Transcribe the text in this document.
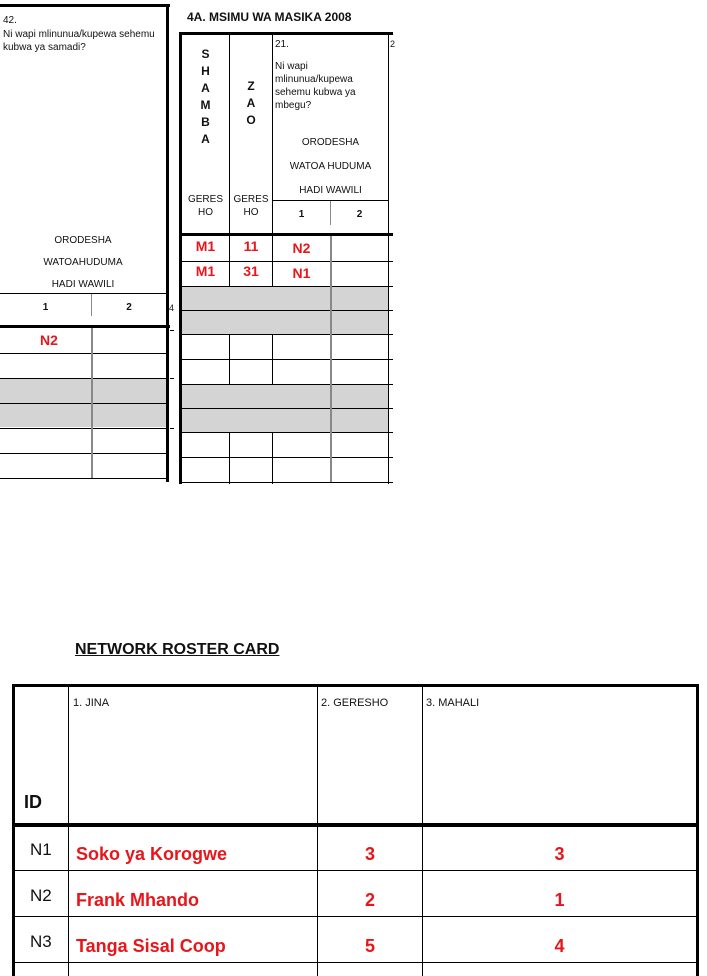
42.
Ni wapi mlinunua/kupewa sehemu kubwa ya samadi?
ORODESHA
WATOAHUDUMA
HADI WAWILI
1	2	4
N2
4A. MSIMU WA MASIKA 2008
S
H
A
M
B
A
Z
A
O
GERES
HO
GERES
HO
21.
Ni wapi mlinunua/kupewa sehemu kubwa ya mbegu?
ORODESHA
WATOA HUDUMA
HADI WAWILI
1	2
2
M1	11	N2
M1	31	N1
NETWORK ROSTER CARD
ID
1. JINA	2. GERESHO	3. MAHALI
N1 Soko ya Korogwe	3	3
N2 Frank Mhando	2	1
N3 Tanga Sisal Coop	5	4
